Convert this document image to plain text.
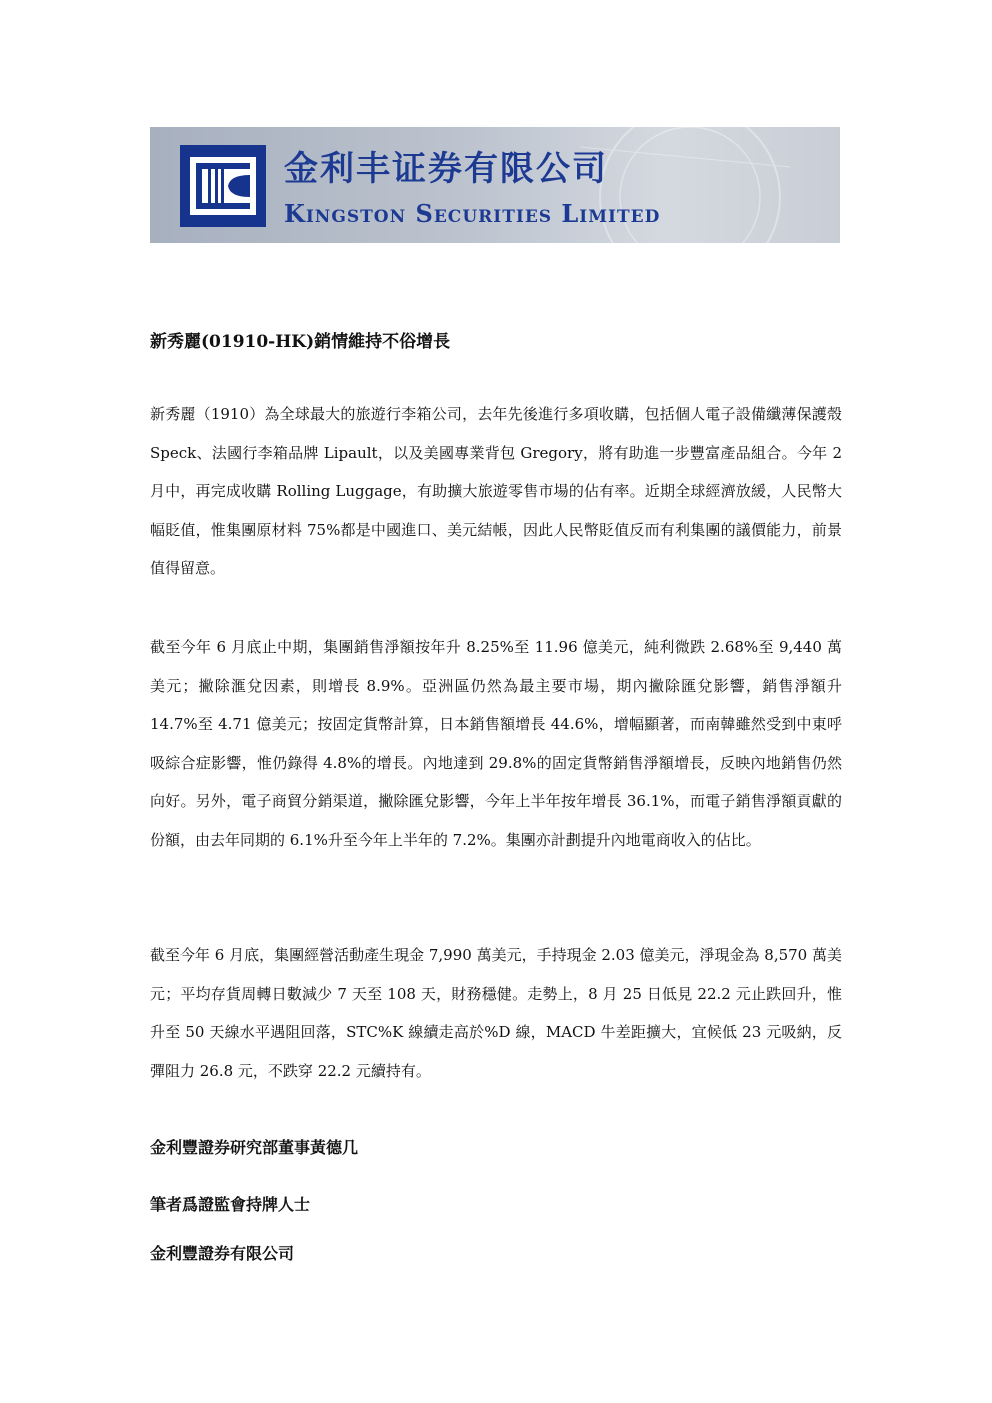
金利丰证券有限公司
Kingston Securities Limited
新秀麗(01910-HK)銷情維持不俗增長

新秀麗（1910）為全球最大的旅遊行李箱公司，去年先後進行多項收購，包括個人電子設備纖薄保護殼 Speck、法國行李箱品牌 Lipault，以及美國專業背包 Gregory，將有助進一步豐富產品組合。今年 2 月中，再完成收購 Rolling Luggage，有助擴大旅遊零售市場的佔有率。近期全球經濟放緩，人民幣大幅貶值，惟集團原材料 75%都是中國進口、美元結帳，因此人民幣貶值反而有利集團的議價能力，前景值得留意。

截至今年 6 月底止中期，集團銷售淨額按年升 8.25%至 11.96 億美元，純利微跌 2.68%至 9,440 萬美元；撇除滙兌因素，則增長 8.9%。亞洲區仍然為最主要市場，期內撇除匯兌影響，銷售淨額升 14.7%至 4.71 億美元；按固定貨幣計算，日本銷售額增長 44.6%，增幅顯著，而南韓雖然受到中東呼吸綜合症影響，惟仍錄得 4.8%的增長。內地達到 29.8%的固定貨幣銷售淨額增長，反映內地銷售仍然向好。另外，電子商貿分銷渠道，撇除匯兌影響，今年上半年按年增長 36.1%，而電子銷售淨額貢獻的份額，由去年同期的 6.1%升至今年上半年的 7.2%。集團亦計劃提升內地電商收入的佔比。

截至今年 6 月底，集團經營活動產生現金 7,990 萬美元，手持現金 2.03 億美元，淨現金為 8,570 萬美元；平均存貨周轉日數減少 7 天至 108 天，財務穩健。走勢上，8 月 25 日低見 22.2 元止跌回升，惟升至 50 天線水平遇阻回落，STC%K 線續走高於%D 線，MACD 牛差距擴大，宜候低 23 元吸納，反彈阻力 26.8 元，不跌穿 22.2 元續持有。

金利豐證券研究部董事黃德几
筆者爲證監會持牌人士
金利豐證券有限公司
